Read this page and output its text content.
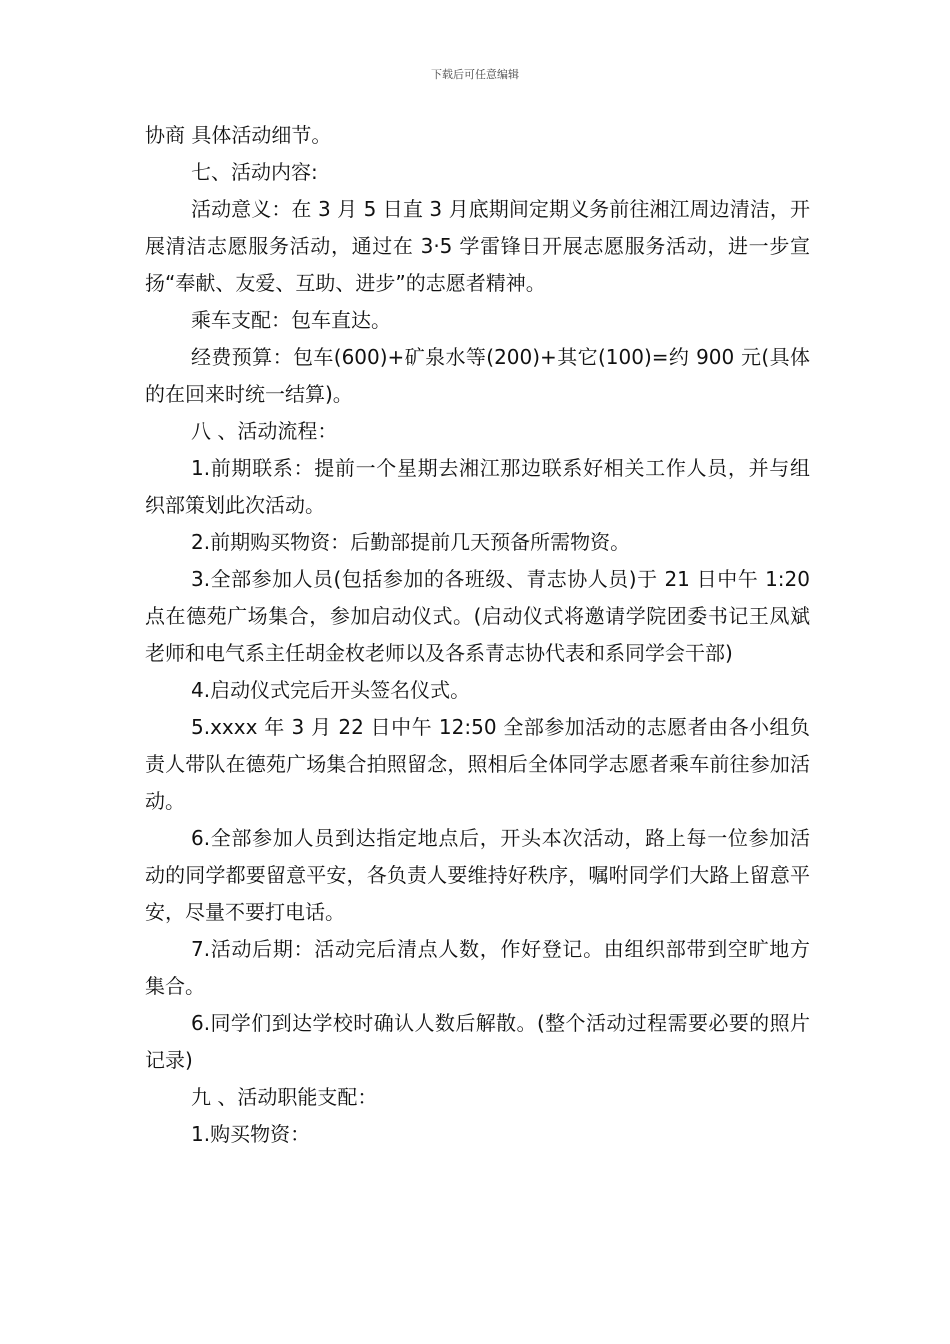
下载后可任意编辑

协商 具体活动细节。

七、活动内容:

活动意义：在 3 月 5 日直 3 月底期间定期义务前往湘江周边清洁，开展清洁志愿服务活动，通过在 3·5 学雷锋日开展志愿服务活动，进一步宣扬“奉献、友爱、互助、进步”的志愿者精神。

乘车支配：包车直达。

经费预算：包车(600)+矿泉水等(200)+其它(100)=约 900 元(具体的在回来时统一结算)。

八 、活动流程：

1.前期联系：提前一个星期去湘江那边联系好相关工作人员，并与组织部策划此次活动。

2.前期购买物资：后勤部提前几天预备所需物资。

3.全部参加人员(包括参加的各班级、青志协人员)于 21 日中午 1:20 点在德苑广场集合，参加启动仪式。(启动仪式将邀请学院团委书记王凤斌老师和电气系主任胡金枚老师以及各系青志协代表和系同学会干部)

4.启动仪式完后开头签名仪式。

5.xxxx 年 3 月 22 日中午 12:50 全部参加活动的志愿者由各小组负责人带队在德苑广场集合拍照留念，照相后全体同学志愿者乘车前往参加活动。

6.全部参加人员到达指定地点后，开头本次活动，路上每一位参加活动的同学都要留意平安，各负责人要维持好秩序，嘱咐同学们大路上留意平安，尽量不要打电话。

7.活动后期：活动完后清点人数，作好登记。由组织部带到空旷地方集合。

6.同学们到达学校时确认人数后解散。(整个活动过程需要必要的照片记录)

九 、活动职能支配：

1.购买物资：
